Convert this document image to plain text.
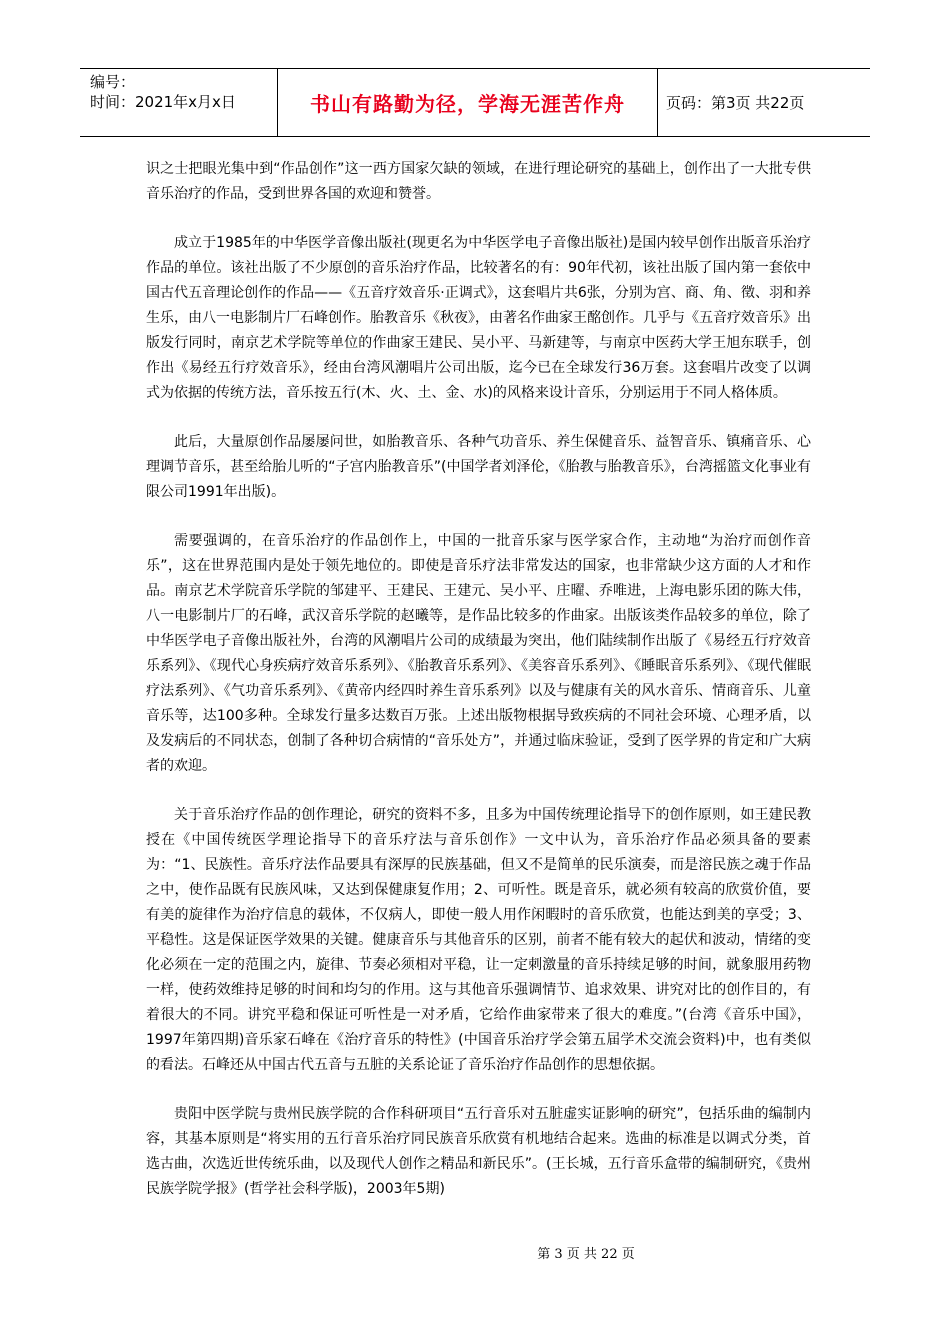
编号：
时间：2021年x月x日	书山有路勤为径，学海无涯苦作舟	页码：第3页 共22页

识之士把眼光集中到“作品创作”这一西方国家欠缺的领域，在进行理论研究的基础上，创作出了一大批专供音乐治疗的作品，受到世界各国的欢迎和赞誉。

成立于1985年的中华医学音像出版社(现更名为中华医学电子音像出版社)是国内较早创作出版音乐治疗作品的单位。该社出版了不少原创的音乐治疗作品，比较著名的有：90年代初，该社出版了国内第一套依中国古代五音理论创作的作品——《五音疗效音乐·正调式》，这套唱片共6张，分别为宫、商、角、徵、羽和养生乐，由八一电影制片厂石峰创作。胎教音乐《秋夜》，由著名作曲家王酩创作。几乎与《五音疗效音乐》出版发行同时，南京艺术学院等单位的作曲家王建民、吴小平、马新建等，与南京中医药大学王旭东联手，创作出《易经五行疗效音乐》，经由台湾风潮唱片公司出版，迄今已在全球发行36万套。这套唱片改变了以调式为依据的传统方法，音乐按五行(木、火、土、金、水)的风格来设计音乐，分别运用于不同人格体质。

此后，大量原创作品屡屡问世，如胎教音乐、各种气功音乐、养生保健音乐、益智音乐、镇痛音乐、心理调节音乐，甚至给胎儿听的“子宫内胎教音乐”(中国学者刘泽伦，《胎教与胎教音乐》，台湾摇篮文化事业有限公司1991年出版)。

需要强调的，在音乐治疗的作品创作上，中国的一批音乐家与医学家合作，主动地“为治疗而创作音乐”，这在世界范围内是处于领先地位的。即使是音乐疗法非常发达的国家，也非常缺少这方面的人才和作品。南京艺术学院音乐学院的邹建平、王建民、王建元、吴小平、庄曜、乔唯进，上海电影乐团的陈大伟，八一电影制片厂的石峰，武汉音乐学院的赵曦等，是作品比较多的作曲家。出版该类作品较多的单位，除了中华医学电子音像出版社外，台湾的风潮唱片公司的成绩最为突出，他们陆续制作出版了《易经五行疗效音乐系列》、《现代心身疾病疗效音乐系列》、《胎教音乐系列》、《美容音乐系列》、《睡眠音乐系列》、《现代催眠疗法系列》、《气功音乐系列》、《黄帝内经四时养生音乐系列》以及与健康有关的风水音乐、情商音乐、儿童音乐等，达100多种。全球发行量多达数百万张。上述出版物根据导致疾病的不同社会环境、心理矛盾，以及发病后的不同状态，创制了各种切合病情的“音乐处方”，并通过临床验证，受到了医学界的肯定和广大病者的欢迎。

关于音乐治疗作品的创作理论，研究的资料不多，且多为中国传统理论指导下的创作原则，如王建民教授在《中国传统医学理论指导下的音乐疗法与音乐创作》一文中认为，音乐治疗作品必须具备的要素为：“1、民族性。音乐疗法作品要具有深厚的民族基础，但又不是简单的民乐演奏，而是溶民族之魂于作品之中，使作品既有民族风味，又达到保健康复作用；2、可听性。既是音乐，就必须有较高的欣赏价值，要有美的旋律作为治疗信息的载体，不仅病人，即使一般人用作闲暇时的音乐欣赏，也能达到美的享受；3、平稳性。这是保证医学效果的关键。健康音乐与其他音乐的区别，前者不能有较大的起伏和波动，情绪的变化必须在一定的范围之内，旋律、节奏必须相对平稳，让一定刺激量的音乐持续足够的时间，就象服用药物一样，使药效维持足够的时间和均匀的作用。这与其他音乐强调情节、追求效果、讲究对比的创作目的，有着很大的不同。讲究平稳和保证可听性是一对矛盾，它给作曲家带来了很大的难度。”(台湾《音乐中国》，1997年第四期)音乐家石峰在《治疗音乐的特性》(中国音乐治疗学会第五届学术交流会资料)中，也有类似的看法。石峰还从中国古代五音与五脏的关系论证了音乐治疗作品创作的思想依据。

贵阳中医学院与贵州民族学院的合作科研项目“五行音乐对五脏虚实证影响的研究”，包括乐曲的编制内容，其基本原则是“将实用的五行音乐治疗同民族音乐欣赏有机地结合起来。选曲的标准是以调式分类，首选古曲，次选近世传统乐曲，以及现代人创作之精品和新民乐”。(王长城，五行音乐盒带的编制研究，《贵州民族学院学报》(哲学社会科学版)，2003年5期)

第 3 页 共 22 页
